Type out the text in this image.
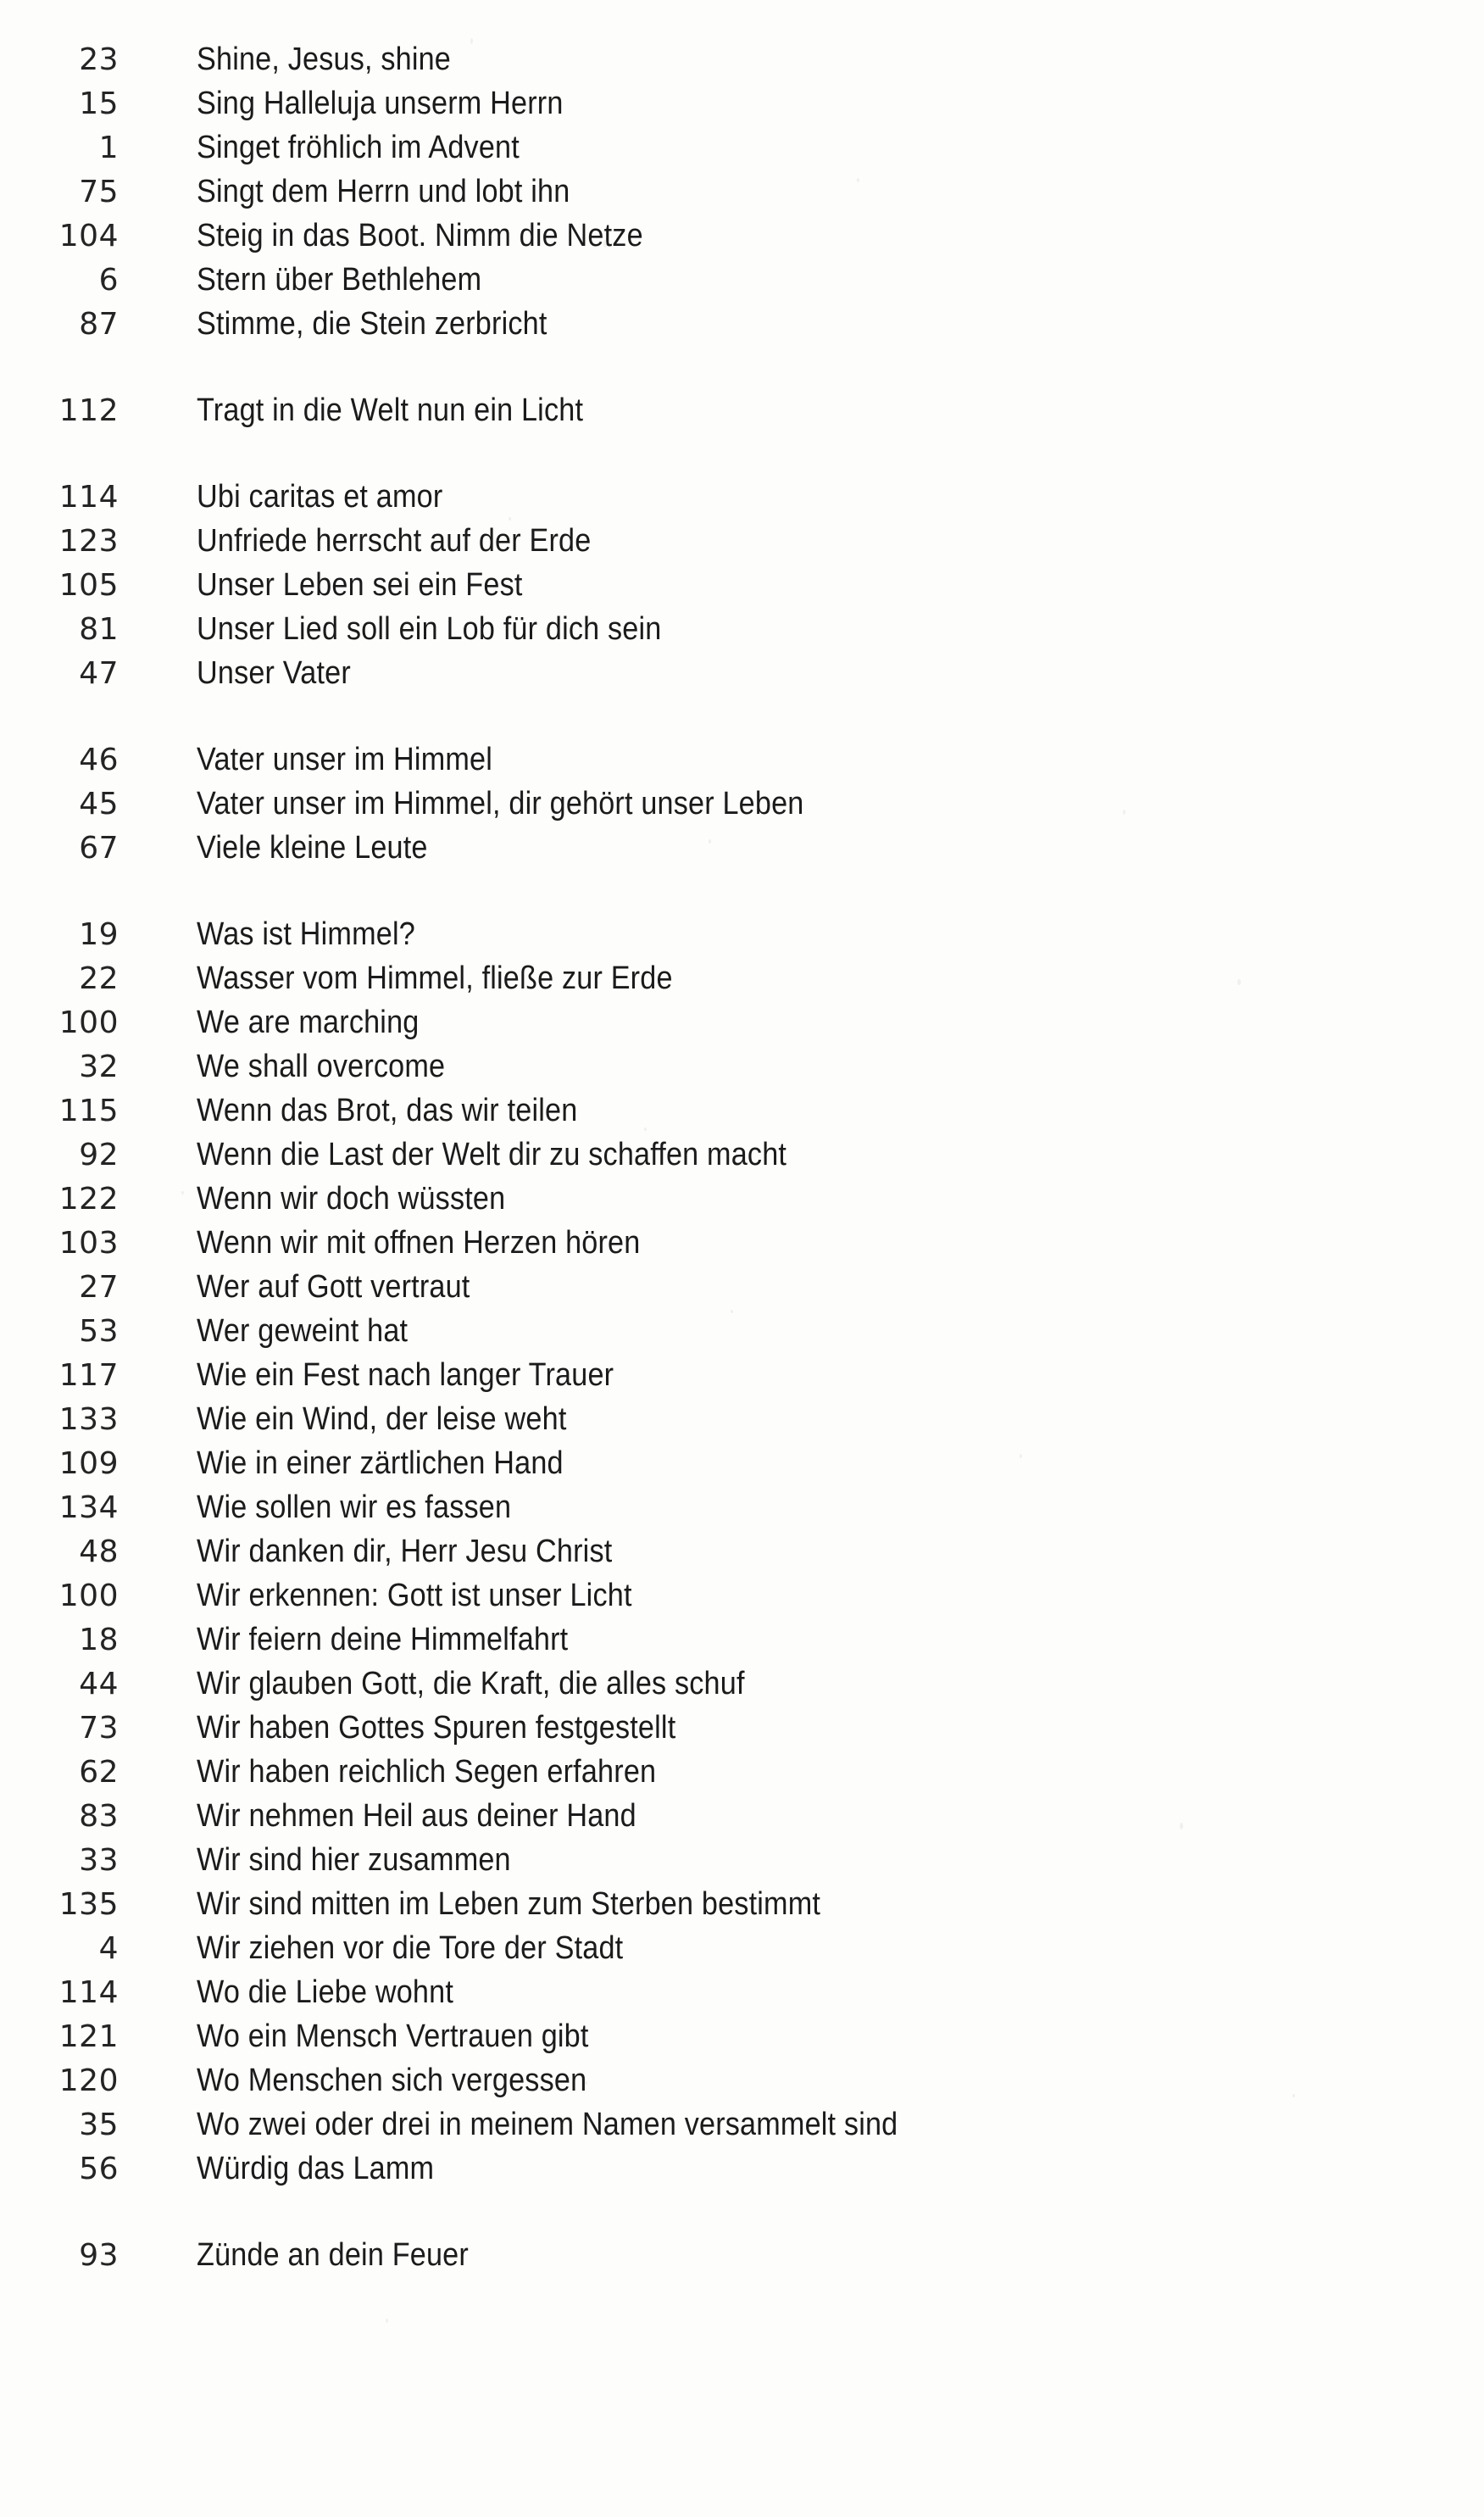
23 Shine, Jesus, shine
15 Sing Halleluja unserm Herrn
1 Singet fröhlich im Advent
75 Singt dem Herrn und lobt ihn
104 Steig in das Boot. Nimm die Netze
6 Stern über Bethlehem
87 Stimme, die Stein zerbricht
112 Tragt in die Welt nun ein Licht
114 Ubi caritas et amor
123 Unfriede herrscht auf der Erde
105 Unser Leben sei ein Fest
81 Unser Lied soll ein Lob für dich sein
47 Unser Vater
46 Vater unser im Himmel
45 Vater unser im Himmel, dir gehört unser Leben
67 Viele kleine Leute
19 Was ist Himmel?
22 Wasser vom Himmel, fließe zur Erde
100 We are marching
32 We shall overcome
115 Wenn das Brot, das wir teilen
92 Wenn die Last der Welt dir zu schaffen macht
122 Wenn wir doch wüssten
103 Wenn wir mit offnen Herzen hören
27 Wer auf Gott vertraut
53 Wer geweint hat
117 Wie ein Fest nach langer Trauer
133 Wie ein Wind, der leise weht
109 Wie in einer zärtlichen Hand
134 Wie sollen wir es fassen
48 Wir danken dir, Herr Jesu Christ
100 Wir erkennen: Gott ist unser Licht
18 Wir feiern deine Himmelfahrt
44 Wir glauben Gott, die Kraft, die alles schuf
73 Wir haben Gottes Spuren festgestellt
62 Wir haben reichlich Segen erfahren
83 Wir nehmen Heil aus deiner Hand
33 Wir sind hier zusammen
135 Wir sind mitten im Leben zum Sterben bestimmt
4 Wir ziehen vor die Tore der Stadt
114 Wo die Liebe wohnt
121 Wo ein Mensch Vertrauen gibt
120 Wo Menschen sich vergessen
35 Wo zwei oder drei in meinem Namen versammelt sind
56 Würdig das Lamm
93 Zünde an dein Feuer
